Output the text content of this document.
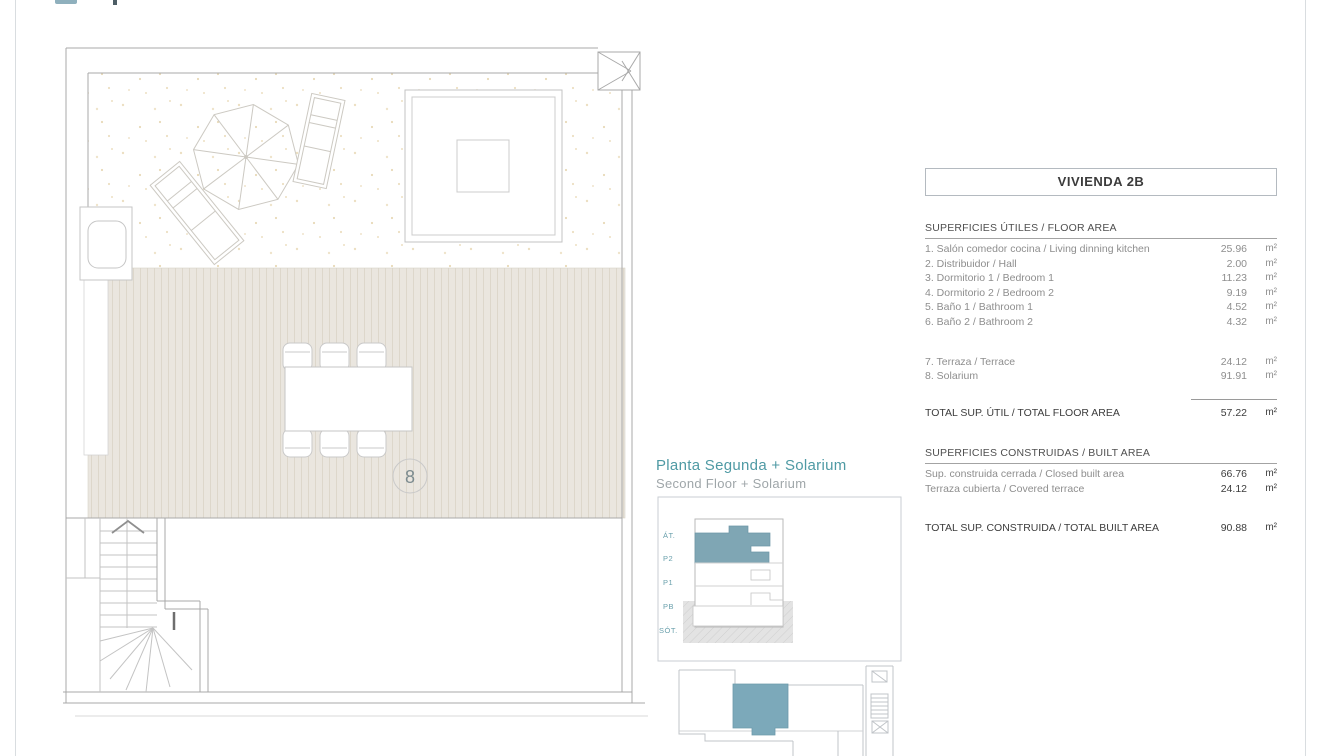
8
ÁT.
P2
P1
PB
SÓT.
Planta Segunda + Solarium
Second Floor + Solarium
VIVIENDA 2B
SUPERFICIES ÚTILES / FLOOR AREA
1. Salón comedor cocina / Living dinning kitchen	25.96	m²
2. Distribuidor / Hall	2.00	m²
3. Dormitorio 1 / Bedroom 1	11.23	m²
4. Dormitorio 2 / Bedroom 2	9.19	m²
5. Baño 1 / Bathroom 1	4.52	m²
6. Baño 2 / Bathroom 2	4.32	m²
7. Terraza / Terrace	24.12	m²
8. Solarium	91.91	m²
TOTAL SUP. ÚTIL / TOTAL FLOOR AREA	57.22	m²
SUPERFICIES CONSTRUIDAS / BUILT AREA
Sup. construida cerrada / Closed built area	66.76	m²
Terraza cubierta / Covered terrace	24.12	m²
TOTAL SUP. CONSTRUIDA / TOTAL BUILT AREA	90.88	m²
